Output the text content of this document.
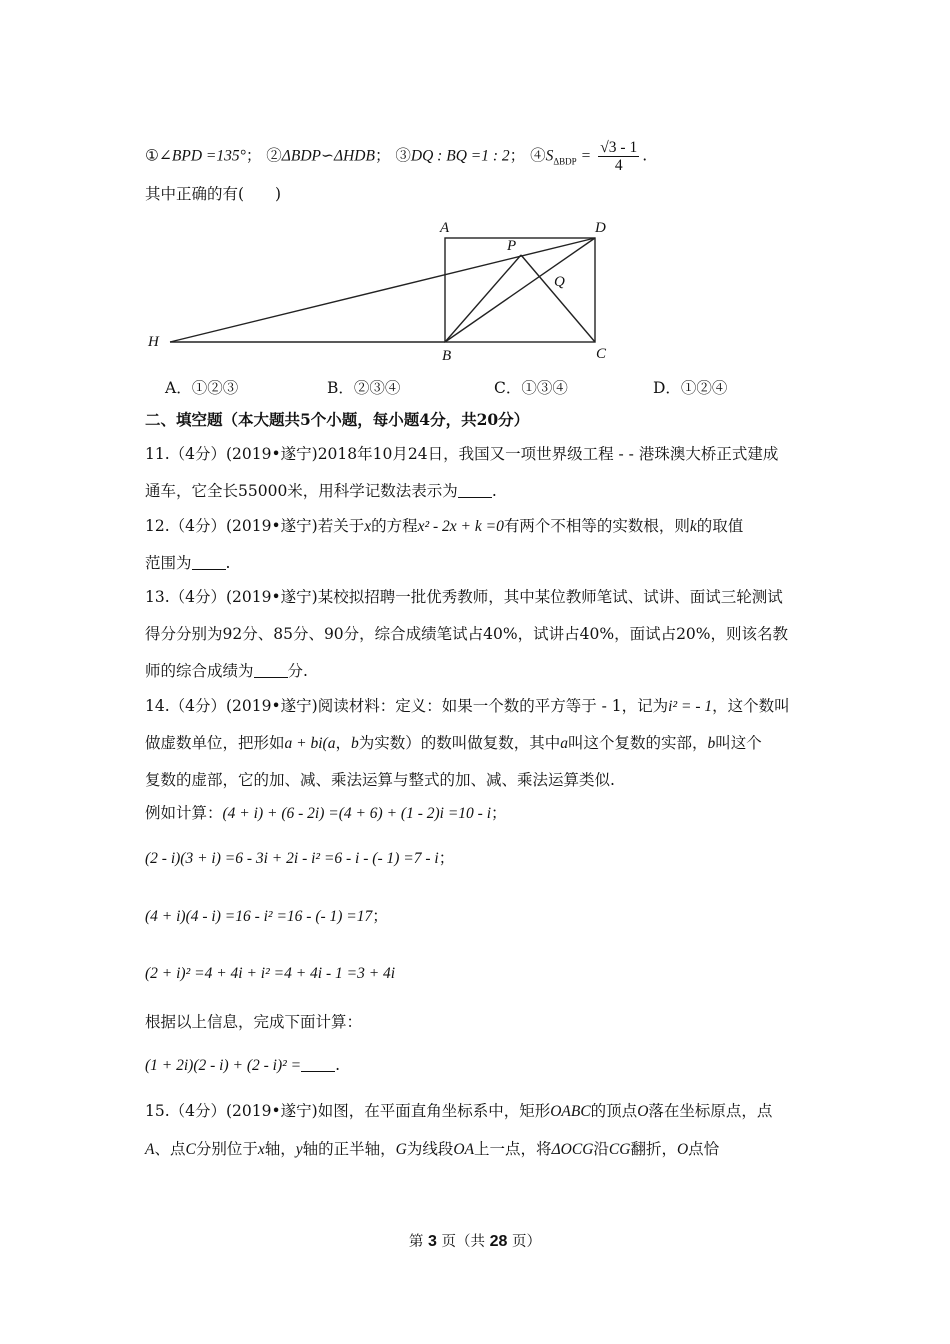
①∠BPD =135°； ②ΔBDP∽ΔHDB； ③DQ : BQ =1 : 2； $④S_{\Delta BDP} = \frac{√3 - 1}{4}$ .
其中正确的有(　　)
A	D
P
Q
H
B	C
A．①②③	B．②③④	C．①③④	D．①②④
二、填空题（本大题共5个小题，每小题4分，共20分）
11.（4分）(2019•遂宁)2018年10月24日，我国又一项世界级工程 - - 港珠澳大桥正式建成
通车，它全长55000米，用科学记数法表示为 .
12.（4分）(2019•遂宁)若关于x的方程x² - 2x + k =0有两个不相等的实数根，则k的取值
范围为 .
13.（4分）(2019•遂宁)某校拟招聘一批优秀教师，其中某位教师笔试、试讲、面试三轮测试
得分分别为92分、85分、90分，综合成绩笔试占40%，试讲占40%，面试占20%，则该名教
师的综合成绩为 分.
14.（4分）(2019•遂宁)阅读材料：定义：如果一个数的平方等于 - 1，记为i² = - 1，这个数叫
做虚数单位，把形如a + bi(a，b为实数）的数叫做复数，其中a叫这个复数的实部，b叫这个
复数的虚部，它的加、减、乘法运算与整式的加、减、乘法运算类似.
例如计算：(4 + i) + (6 - 2i) =(4 + 6) + (1 - 2)i =10 - i；
(2 - i)(3 + i) =6 - 3i + 2i - i² =6 - i - (- 1) =7 - i；
(4 + i)(4 - i) =16 - i² =16 - (- 1) =17；
(2 + i)² =4 + 4i + i² =4 + 4i - 1 =3 + 4i
根据以上信息，完成下面计算：
(1 + 2i)(2 - i) + (2 - i)² = .
15.（4分）(2019•遂宁)如图，在平面直角坐标系中，矩形OABC的顶点O落在坐标原点，点
A、点C分别位于x轴，y轴的正半轴，G为线段OA上一点，将ΔOCG沿CG翻折，O点恰
第 3 页（共 28 页）
